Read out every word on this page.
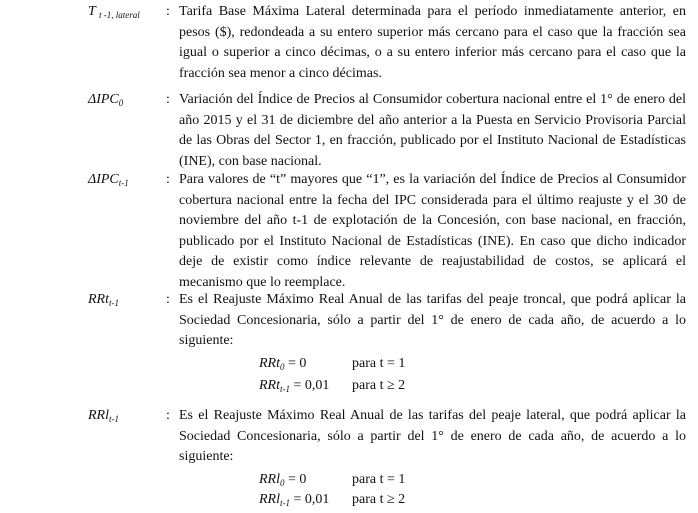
T $_{t -1, lateral}$ : Tarifa Base Máxima Lateral determinada para el período inmediatamente anterior, en pesos ($), redondeada a su entero superior más cercano para el caso que la fracción sea igual o superior a cinco décimas, o a su entero inferior más cercano para el caso que la fracción sea menor a cinco décimas.
$\Delta IPC_0$	: Variación del Índice de Precios al Consumidor cobertura nacional entre el 1° de enero del año 2015 y el 31 de diciembre del año anterior a la Puesta en Servicio Provisoria Parcial de las Obras del Sector 1, en fracción, publicado por el Instituto Nacional de Estadísticas (INE), con base nacional.
$\Delta IPC_{t-1}$	: Para valores de “t” mayores que “1”, es la variación del Índice de Precios al Consumidor cobertura nacional entre la fecha del IPC considerada para el último reajuste y el 30 de noviembre del año t-1 de explotación de la Concesión, con base nacional, en fracción, publicado por el Instituto Nacional de Estadísticas (INE). En caso que dicho indicador deje de existir como índice relevante de reajustabilidad de costos, se aplicará el mecanismo que lo reemplace.
RRt$_{t-1}$	: Es el Reajuste Máximo Real Anual de las tarifas del peaje troncal, que podrá aplicar la Sociedad Concesionaria, sólo a partir del 1° de enero de cada año, de acuerdo a lo siguiente:
RRt$_0$ = 0	para t = 1
RRt$_{t-1}$ = 0,01 para t ≥ 2
RRl$_{t-1}$	: Es el Reajuste Máximo Real Anual de las tarifas del peaje lateral, que podrá aplicar la Sociedad Concesionaria, sólo a partir del 1° de enero de cada año, de acuerdo a lo siguiente:
RRl$_0$ = 0	para t = 1
RRl$_{t-1}$ = 0,01 para t ≥ 2
